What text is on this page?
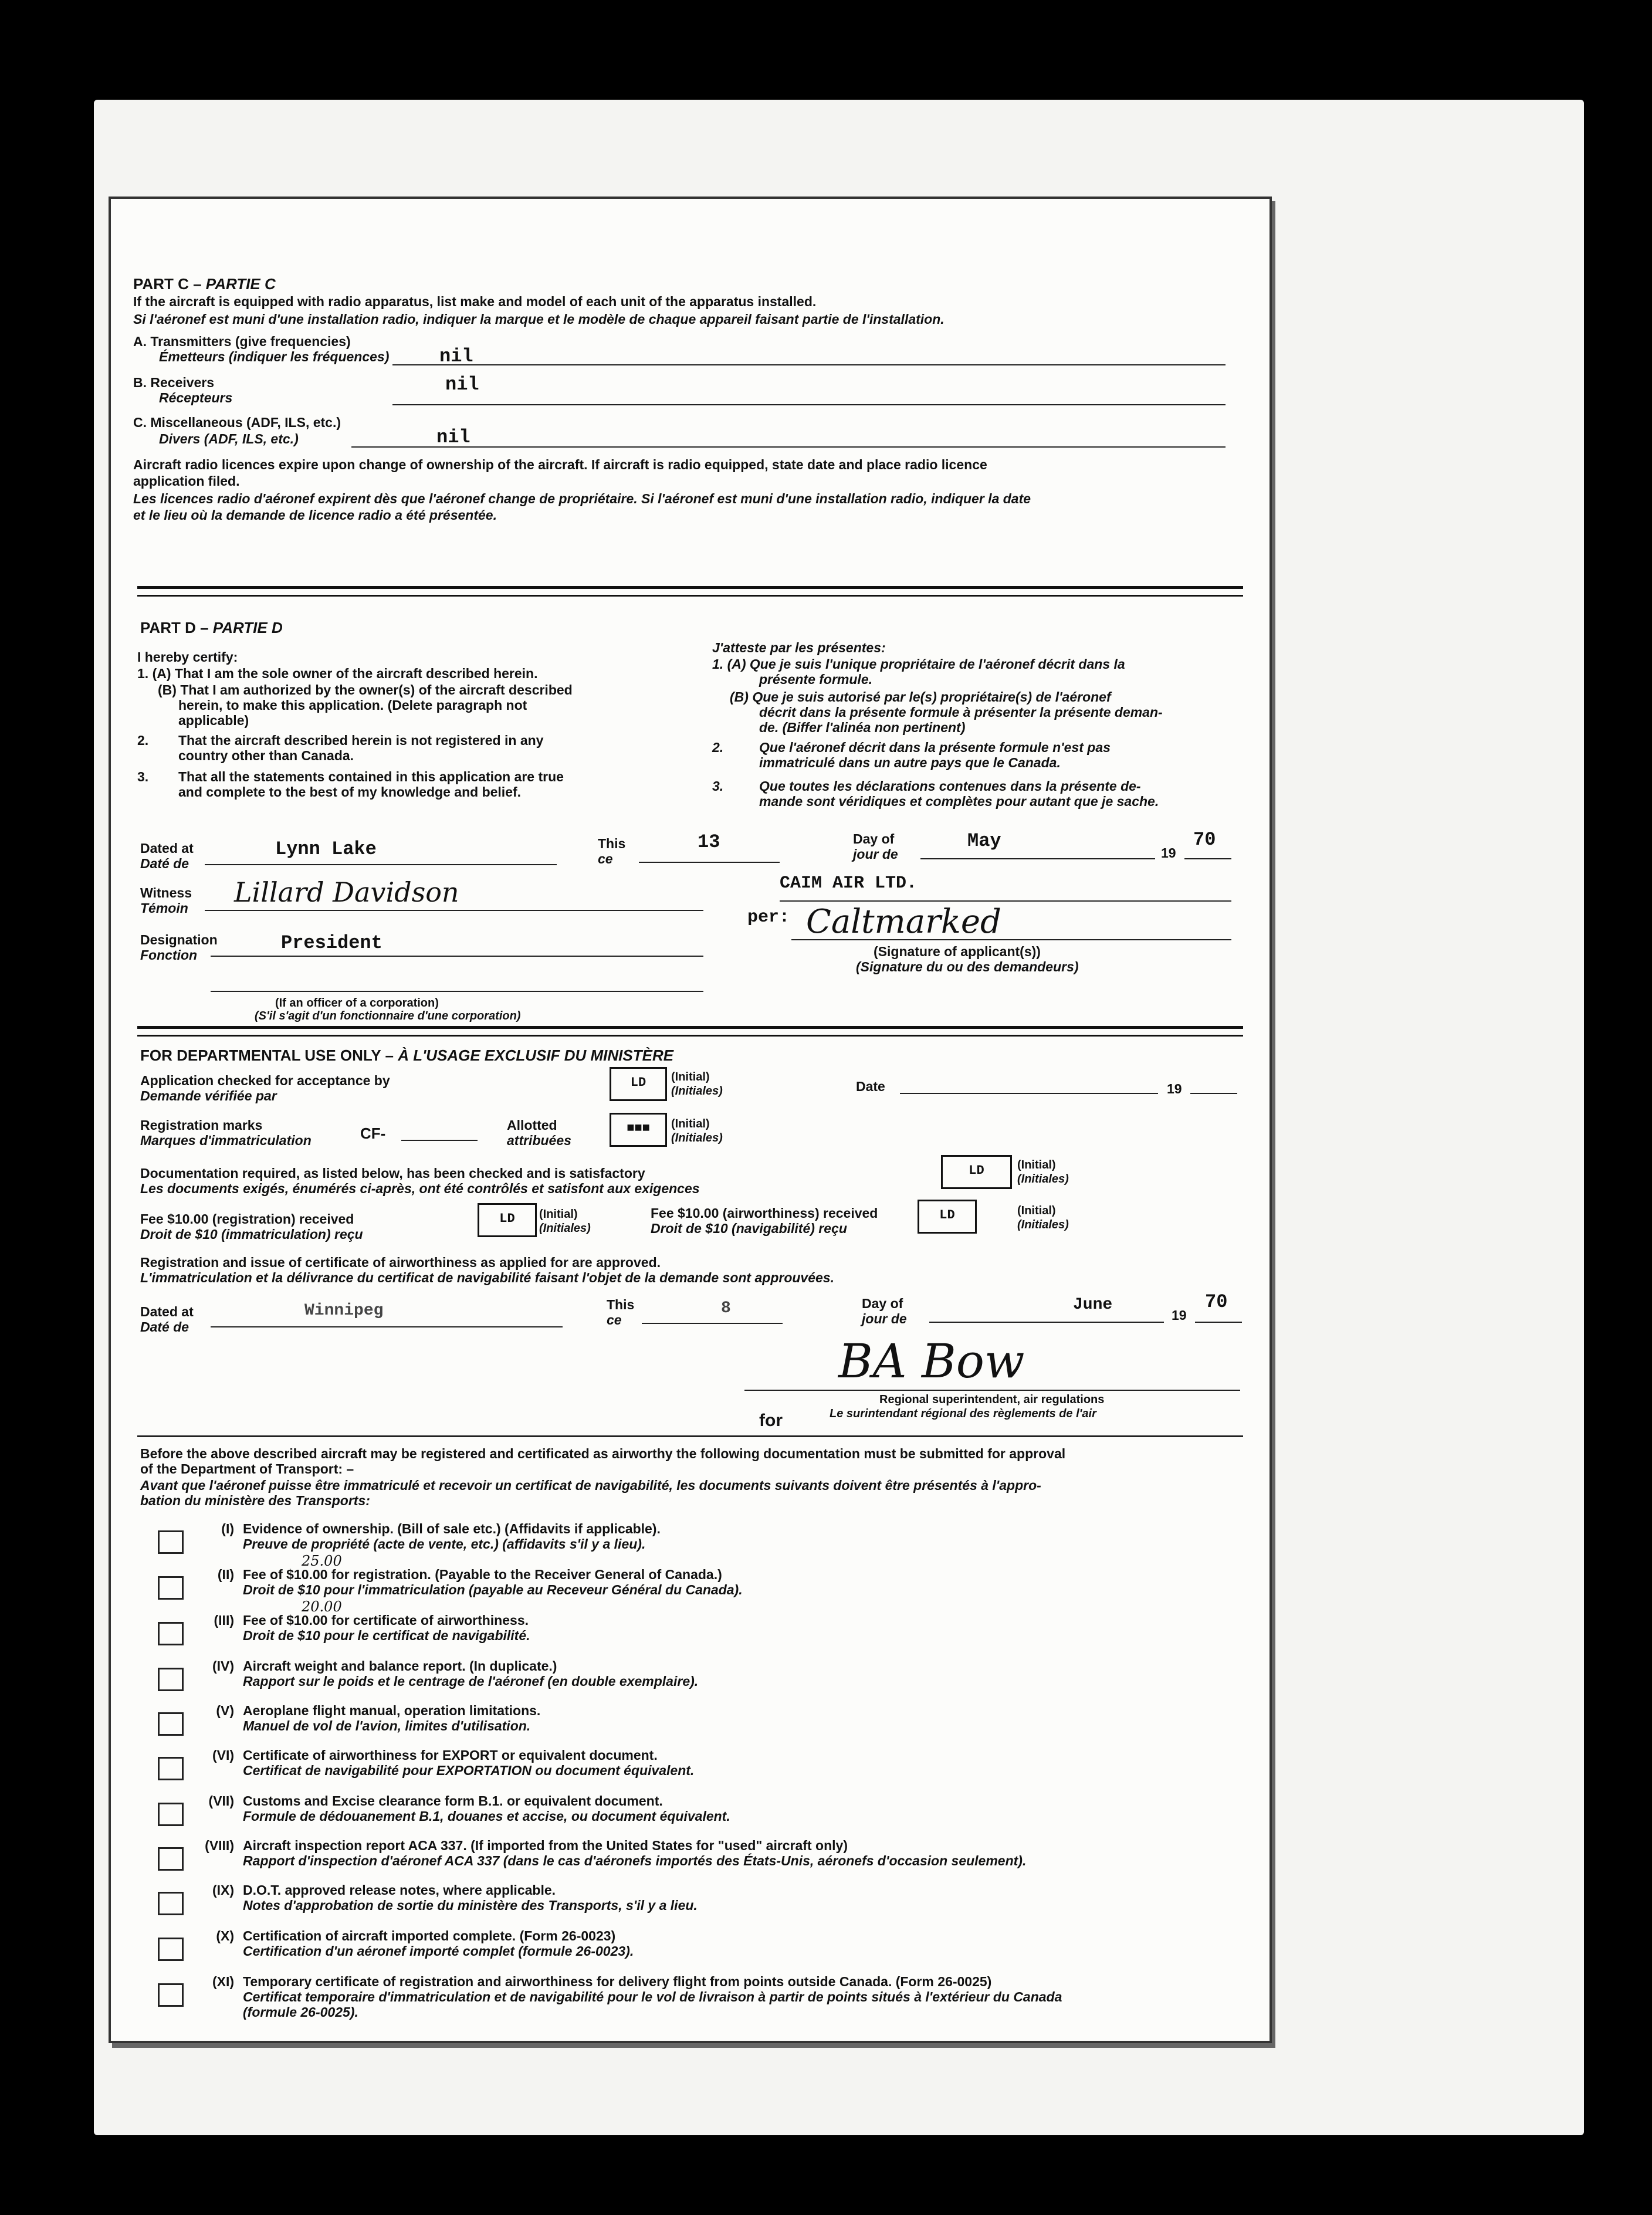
PART C – PARTIE C
If the aircraft is equipped with radio apparatus, list make and model of each unit of the apparatus installed.
Si l'aéronef est muni d'une installation radio, indiquer la marque et le modèle de chaque appareil faisant partie de l'installation.
A. Transmitters (give frequencies)
Émetteurs (indiquer les fréquences)	nil
B. Receivers
Récepteurs
nil
C. Miscellaneous (ADF, ILS, etc.)
Divers (ADF, ILS, etc.)	nil
Aircraft radio licences expire upon change of ownership of the aircraft. If aircraft is radio equipped, state date and place radio licence
application filed.
Les licences radio d'aéronef expirent dès que l'aéronef change de propriétaire. Si l'aéronef est muni d'une installation radio, indiquer la date
et le lieu où la demande de licence radio a été présentée.
PART D – PARTIE D
I hereby certify:
1. (A) That I am the sole owner of the aircraft described herein.
(B) That I am authorized by the owner(s) of the aircraft described
herein, to make this application. (Delete paragraph not
applicable)
2. That the aircraft described herein is not registered in any
country other than Canada.
3. That all the statements contained in this application are true
and complete to the best of my knowledge and belief.
J'atteste par les présentes:
1. (A) Que je suis l'unique propriétaire de l'aéronef décrit dans la
présente formule.
(B) Que je suis autorisé par le(s) propriétaire(s) de l'aéronef
décrit dans la présente formule à présenter la présente deman-
de. (Biffer l'alinéa non pertinent)
2.	Que l'aéronef décrit dans la présente formule n'est pas
immatriculé dans un autre pays que le Canada.
3.	Que toutes les déclarations contenues dans la présente de-
mande sont véridiques et complètes pour autant que je sache.
Dated at
Daté de
Lynn Lake	This
ce
13	Day of
jour de
May
19
70
Witness
Témoin Lillard Davidson	CAIM AIR LTD.
per: Caltmarked
(Signature of applicant(s))
(Signature du ou des demandeurs)
Designation
Fonction
President
(If an officer of a corporation)
(S'il s'agit d'un fonctionnaire d'une corporation)
FOR DEPARTMENTAL USE ONLY – À L'USAGE EXCLUSIF DU MINISTÈRE
Application checked for acceptance by
Demande vérifiée par
LD	(Initial)
(Initiales)	Date	19
Registration marks
Marques d'immatriculation	CF-	Allotted
attribuées
■■■	(Initial)
(Initiales)
Documentation required, as listed below, has been checked and is satisfactory
Les documents exigés, énumérés ci-après, ont été contrôlés et satisfont aux exigences
LD	(Initial)
(Initiales)
Fee $10.00 (registration) received
Droit de $10 (immatriculation) reçu
LD	(Initial)
(Initiales)
Fee $10.00 (airworthiness) received
Droit de $10 (navigabilité) reçu
LD	(Initial)
(Initiales)
Registration and issue of certificate of airworthiness as applied for are approved.
L'immatriculation et la délivrance du certificat de navigabilité faisant l'objet de la demande sont approuvées.
Dated at
Daté de
Winnipeg	This
ce
8	Day of
jour de
June
19
70
BA Bow
Regional superintendent, air regulations
Le surintendant régional des règlements de l'air
for
Before the above described aircraft may be registered and certificated as airworthy the following documentation must be submitted for approval
of the Department of Transport: –
Avant que l'aéronef puisse être immatriculé et recevoir un certificat de navigabilité, les documents suivants doivent être présentés à l'appro-
bation du ministère des Transports:
(I) Evidence of ownership. (Bill of sale etc.) (Affidavits if applicable).
Preuve de propriété (acte de vente, etc.) (affidavits s'il y a lieu).
(II) Fee of $10.00 for registration. (Payable to the Receiver General of Canada.)
Droit de $10 pour l'immatriculation (payable au Receveur Général du Canada).
25.00
(III) Fee of $10.00 for certificate of airworthiness.
Droit de $10 pour le certificat de navigabilité.
20.00
(IV) Aircraft weight and balance report. (In duplicate.)
Rapport sur le poids et le centrage de l'aéronef (en double exemplaire).
(V) Aeroplane flight manual, operation limitations.
Manuel de vol de l'avion, limites d'utilisation.
(VI) Certificate of airworthiness for EXPORT or equivalent document.
Certificat de navigabilité pour EXPORTATION ou document équivalent.
(VII) Customs and Excise clearance form B.1. or equivalent document.
Formule de dédouanement B.1, douanes et accise, ou document équivalent.
(VIII) Aircraft inspection report ACA 337. (If imported from the United States for "used" aircraft only)
Rapport d'inspection d'aéronef ACA 337 (dans le cas d'aéronefs importés des États-Unis, aéronefs d'occasion seulement).
(IX) D.O.T. approved release notes, where applicable.
Notes d'approbation de sortie du ministère des Transports, s'il y a lieu.
(X) Certification of aircraft imported complete. (Form 26-0023)
Certification d'un aéronef importé complet (formule 26-0023).
(XI) Temporary certificate of registration and airworthiness for delivery flight from points outside Canada. (Form 26-0025)
Certificat temporaire d'immatriculation et de navigabilité pour le vol de livraison à partir de points situés à l'extérieur du Canada
(formule 26-0025).
